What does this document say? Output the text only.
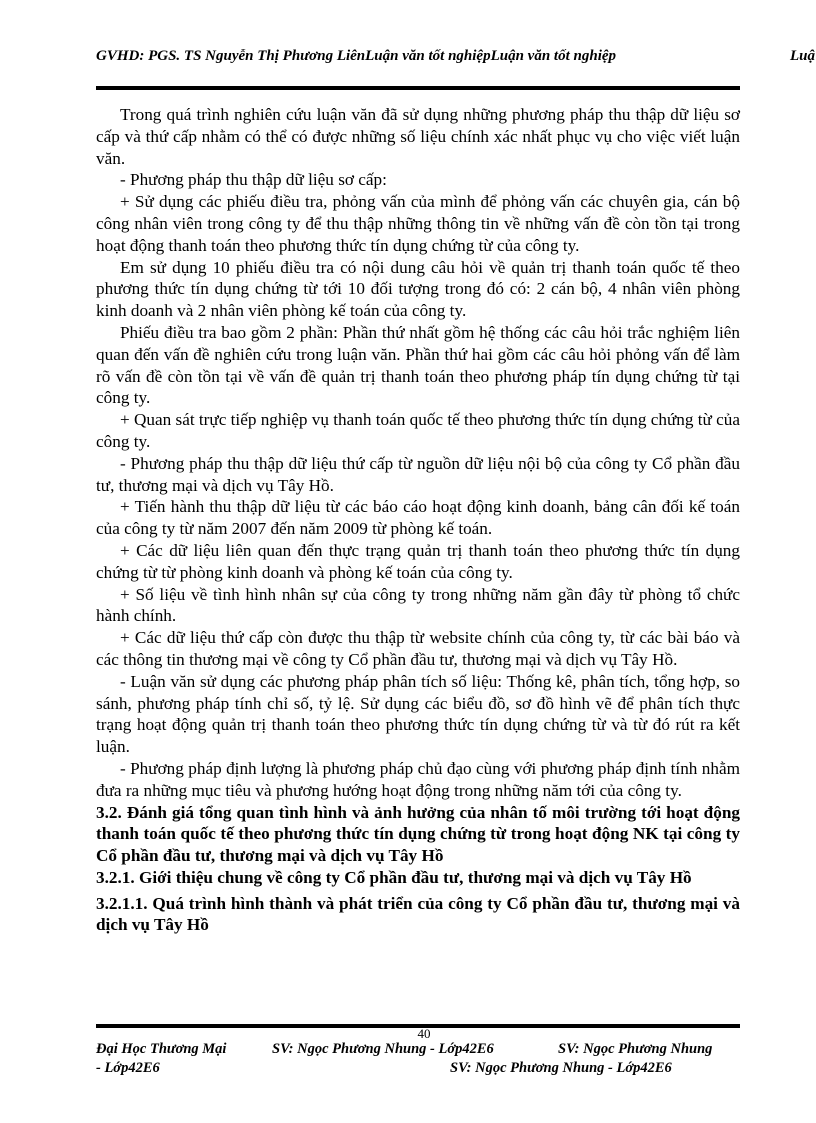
GVHD: PGS. TS Nguyễn Thị Phương LiênLuận văn tốt nghiệpLuận văn tốt nghiệp	Luậ

Trong quá trình nghiên cứu luận văn đã sử dụng những phương pháp thu thập dữ liệu sơ cấp và thứ cấp nhằm có thể có được những số liệu chính xác nhất phục vụ cho việc viết luận văn.

- Phương pháp thu thập dữ liệu sơ cấp:

+ Sử dụng các phiếu điều tra, phỏng vấn của mình để phỏng vấn các chuyên gia, cán bộ công nhân viên trong công ty để thu thập những thông tin về những vấn đề còn tồn tại trong hoạt động thanh toán theo phương thức tín dụng chứng từ của công ty.

Em sử dụng 10 phiếu điều tra có nội dung câu hỏi về quản trị thanh toán quốc tế theo phương thức tín dụng chứng từ tới 10 đối tượng trong đó có: 2 cán bộ, 4 nhân viên phòng kinh doanh và 2 nhân viên phòng kế toán của công ty.

Phiếu điều tra bao gồm 2 phần: Phần thứ nhất gồm hệ thống các câu hỏi trắc nghiệm liên quan đến vấn đề nghiên cứu trong luận văn. Phần thứ hai gồm các câu hỏi phỏng vấn để làm rõ vấn đề còn tồn tại về vấn đề quản trị thanh toán theo phương pháp tín dụng chứng từ tại công ty.

+ Quan sát trực tiếp nghiệp vụ thanh toán quốc tế theo phương thức tín dụng chứng từ của công ty.

- Phương pháp thu thập dữ liệu thứ cấp từ nguồn dữ liệu nội bộ của công ty Cổ phần đầu tư, thương mại và dịch vụ Tây Hồ.

+ Tiến hành thu thập dữ liệu từ các báo cáo hoạt động kinh doanh, bảng cân đối kế toán của công ty từ năm 2007 đến năm 2009 từ phòng kế toán.

+ Các dữ liệu liên quan đến thực trạng quản trị thanh toán theo phương thức tín dụng chứng từ từ phòng kinh doanh và phòng kế toán của công ty.

+ Số liệu về tình hình nhân sự của công ty trong những năm gần đây từ phòng tổ chức hành chính.

+ Các dữ liệu thứ cấp còn được thu thập từ website chính của công ty, từ các bài báo và các thông tin thương mại về công ty Cổ phần đầu tư, thương mại và dịch vụ Tây Hồ.

- Luận văn sử dụng các phương pháp phân tích số liệu: Thống kê, phân tích, tổng hợp, so sánh, phương pháp tính chỉ số, tỷ lệ. Sử dụng các biểu đồ, sơ đồ hình vẽ để phân tích thực trạng hoạt động quản trị thanh toán theo phương thức tín dụng chứng từ và từ đó rút ra kết luận.

- Phương pháp định lượng là phương pháp chủ đạo cùng với phương pháp định tính nhằm đưa ra những mục tiêu và phương hướng hoạt động trong những năm tới của công ty.

3.2. Đánh giá tổng quan tình hình và ảnh hưởng của nhân tố môi trường tới hoạt động thanh toán quốc tế theo phương thức tín dụng chứng từ trong hoạt động NK tại công ty Cổ phần đầu tư, thương mại và dịch vụ Tây Hồ
3.2.1. Giới thiệu chung về công ty Cổ phần đầu tư, thương mại và dịch vụ Tây Hồ
3.2.1.1. Quá trình hình thành và phát triển của công ty Cổ phần đầu tư, thương mại và dịch vụ Tây Hồ
40
Đại Học Thương Mại	SV: Ngọc Phương Nhung - Lớp42E6	SV: Ngọc Phương Nhung
- Lớp42E6	SV: Ngọc Phương Nhung - Lớp42E6
